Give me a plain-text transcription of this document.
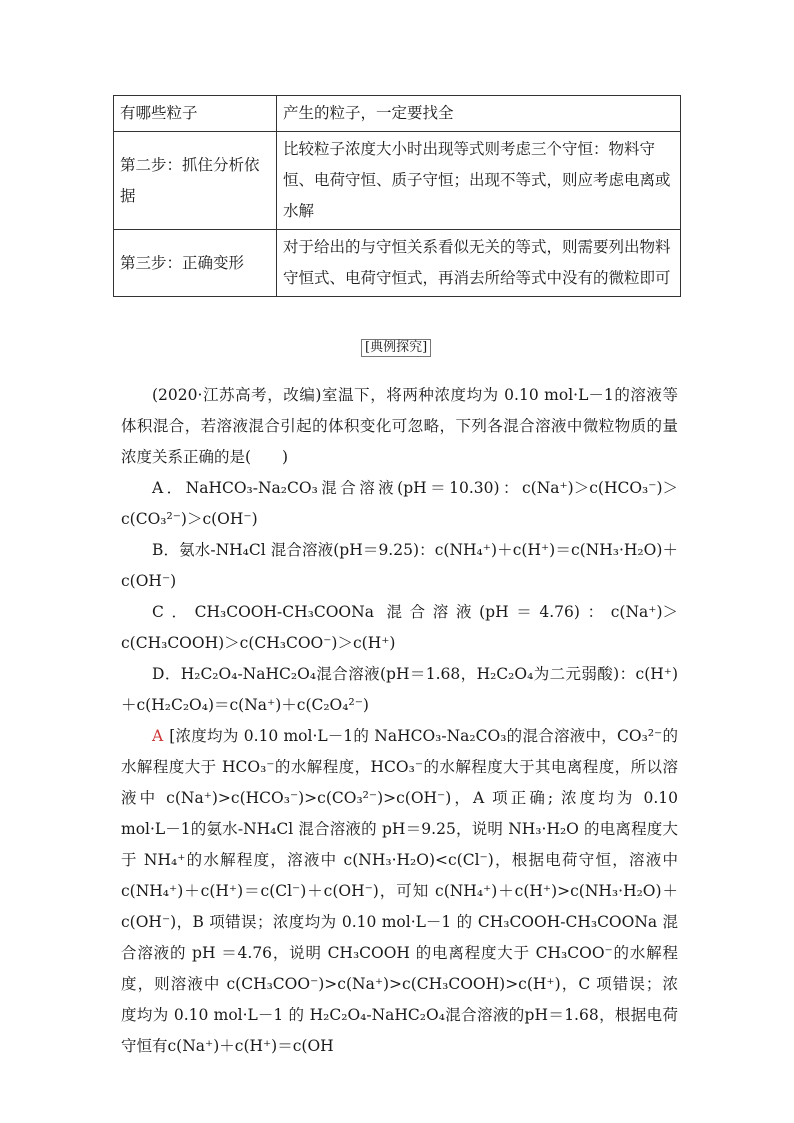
有哪些粒子	产生的粒子，一定要找全
第二步：抓住分析依据	比较粒子浓度大小时出现等式则考虑三个守恒：物料守恒、电荷守恒、质子守恒；出现不等式，则应考虑电离或水解
第三步：正确变形	对于给出的与守恒关系看似无关的等式，则需要列出物料守恒式、电荷守恒式，再消去所给等式中没有的微粒即可
[典例探究]
(2020·江苏高考，改编)室温下，将两种浓度均为 0.10 mol·L－1的溶液等体积混合，若溶液混合引起的体积变化可忽略，下列各混合溶液中微粒物质的量浓度关系正确的是(　　)
A．NaHCO₃-Na₂CO₃混合溶液(pH＝10.30)：c(Na⁺)＞c(HCO₃⁻)＞c(CO₃²⁻)＞c(OH⁻)
B．氨水-NH₄Cl 混合溶液(pH＝9.25)：c(NH₄⁺)＋c(H⁺)＝c(NH₃·H₂O)＋c(OH⁻)
C．CH₃COOH-CH₃COONa 混合溶液(pH＝4.76)：c(Na⁺)＞c(CH₃COOH)＞c(CH₃COO⁻)＞c(H⁺)
D．H₂C₂O₄-NaHC₂O₄混合溶液(pH＝1.68，H₂C₂O₄为二元弱酸)：c(H⁺)＋c(H₂C₂O₄)＝c(Na⁺)＋c(C₂O₄²⁻)
A [浓度均为 0.10 mol·L－1的 NaHCO₃-Na₂CO₃的混合溶液中，CO₃²⁻的水解程度大于 HCO₃⁻的水解程度，HCO₃⁻的水解程度大于其电离程度，所以溶液中 c(Na⁺)>c(HCO₃⁻)>c(CO₃²⁻)>c(OH⁻)，A 项正确; 浓度均为 0.10 mol·L－1的氨水-NH₄Cl 混合溶液的 pH＝9.25，说明 NH₃·H₂O 的电离程度大于 NH₄⁺的水解程度，溶液中 c(NH₃·H₂O)<c(Cl⁻)，根据电荷守恒，溶液中 c(NH₄⁺)＋c(H⁺)＝c(Cl⁻)＋c(OH⁻)，可知 c(NH₄⁺)＋c(H⁺)>c(NH₃·H₂O)＋c(OH⁻)，B 项错误；浓度均为 0.10 mol·L－1 的 CH₃COOH-CH₃COONa 混合溶液的 pH ＝4.76，说明 CH₃COOH 的电离程度大于 CH₃COO⁻的水解程度，则溶液中 c(CH₃COO⁻)>c(Na⁺)>c(CH₃COOH)>c(H⁺)，C 项错误；浓度均为 0.10 mol·L－1 的 H₂C₂O₄-NaHC₂O₄混合溶液的pH＝1.68，根据电荷守恒有c(Na⁺)＋c(H⁺)＝c(OH
